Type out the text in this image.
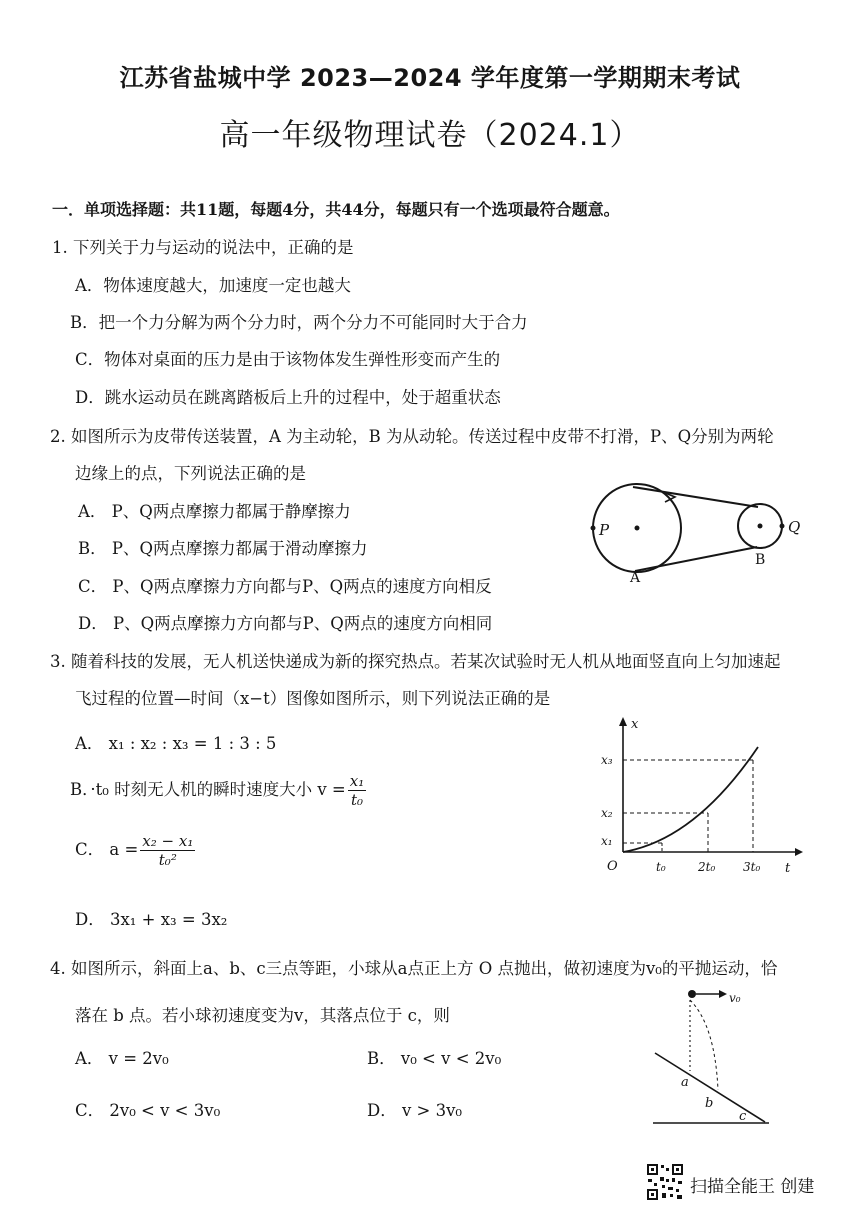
江苏省盐城中学 2023—2024 学年度第一学期期末考试
高一年级物理试卷（2024.1）
一．单项选择题：共11题，每题4分，共44分，每题只有一个选项最符合题意。
1. 下列关于力与运动的说法中，正确的是
A．物体速度越大，加速度一定也越大
B．把一个力分解为两个分力时，两个分力不可能同时大于合力
C．物体对桌面的压力是由于该物体发生弹性形变而产生的
D．跳水运动员在跳离踏板后上升的过程中，处于超重状态
2. 如图所示为皮带传送装置，A 为主动轮，B 为从动轮。传送过程中皮带不打滑，P、Q分别为两轮
边缘上的点，下列说法正确的是
A． P、Q两点摩擦力都属于静摩擦力
B． P、Q两点摩擦力都属于滑动摩擦力
C． P、Q两点摩擦力方向都与P、Q两点的速度方向相反
D． P、Q两点摩擦力方向都与P、Q两点的速度方向相同
P	Q
A
B
3. 随着科技的发展，无人机送快递成为新的探究热点。若某次试验时无人机从地面竖直向上匀加速起
飞过程的位置—时间（x−t）图像如图所示，则下列说法正确的是
A． x₁ : x₂ : x₃ = 1 : 3 : 5
B．·t₀ 时刻无人机的瞬时速度大小 $v = \frac{\text{x₁}}{\text{t₀}}$
C． $a = \frac{\text{x₂ − x₁}}{\text{t₀²}}$
D． 3x₁ + x₃ = 3x₂
x
t
O
x₃
x₂
x₁
t₀	2t₀ 3t₀
4. 如图所示，斜面上a、b、c三点等距，小球从a点正上方 O 点抛出，做初速度为v₀的平抛运动，恰
落在 b 点。若小球初速度变为v，其落点位于 c，则
A． v = 2v₀	B． v₀ < v < 2v₀
C． 2v₀ < v < 3v₀	D． v > 3v₀
v₀
a
b
c
扫描全能王 创建
